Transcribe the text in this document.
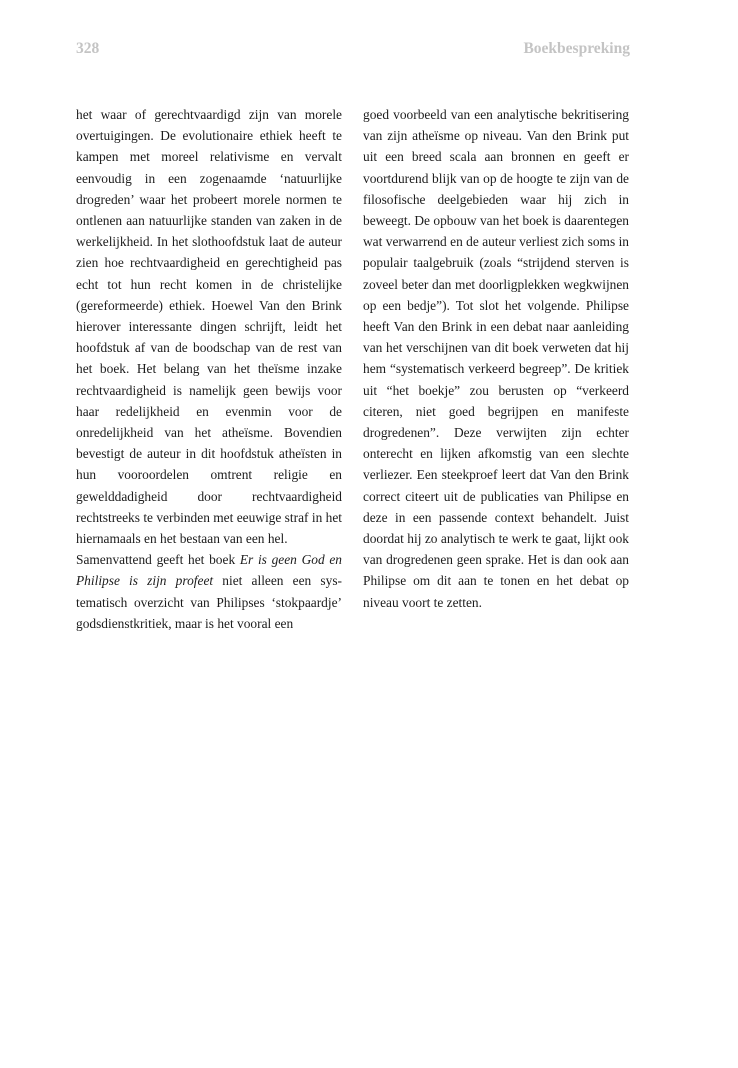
328	Boekbespreking

het waar of gerechtvaardigd zijn van morele overtuigingen. De evolutionaire ethiek heeft te kampen met moreel relativisme en vervalt eenvoudig in een zogenaamde ‘natuurlijke drogreden’ waar het probeert morele normen te ontlenen aan natuurlijke standen van zaken in de werkelijkheid. In het slothoofdstuk laat de auteur zien hoe rechtvaardigheid en gerechtigheid pas echt tot hun recht komen in de christelijke (gereformeerde) ethiek. Hoewel Van den Brink hierover interessante dingen schrijft, leidt het hoofdstuk af van de boodschap van de rest van het boek. Het belang van het theïsme inzake rechtvaardigheid is namelijk geen bewijs voor haar redelijkheid en evenmin voor de onredelijkheid van het atheïsme. Bovendien bevestigt de auteur in dit hoofdstuk atheïsten in hun vooroordelen omtrent religie en gewelddadigheid door rechtvaardigheid rechtstreeks te verbinden met eeuwige straf in het hiernamaals en het bestaan van een hel.

Samenvattend geeft het boek Er is geen God en Philipse is zijn profeet niet alleen een systematisch overzicht van Philipses ‘stokpaardje’ godsdienstkritiek, maar is het vooral een

goed voorbeeld van een analytische bekritisering van zijn atheïsme op niveau. Van den Brink put uit een breed scala aan bronnen en geeft er voortdurend blijk van op de hoogte te zijn van de filosofische deelgebieden waar hij zich in beweegt. De opbouw van het boek is daarentegen wat verwarrend en de auteur verliest zich soms in populair taalgebruik (zoals “strijdend sterven is zoveel beter dan met doorligplekken wegkwijnen op een bedje”). Tot slot het volgende. Philipse heeft Van den Brink in een debat naar aanleiding van het verschijnen van dit boek verweten dat hij hem “systematisch verkeerd begreep”. De kritiek uit “het boekje” zou berusten op “verkeerd citeren, niet goed begrijpen en manifeste drogredenen”. Deze verwijten zijn echter onterecht en lijken afkomstig van een slechte verliezer. Een steekproef leert dat Van den Brink correct citeert uit de publicaties van Philipse en deze in een passende context behandelt. Juist doordat hij zo analytisch te werk te gaat, lijkt ook van drogredenen geen sprake. Het is dan ook aan Philipse om dit aan te tonen en het debat op niveau voort te zetten.
